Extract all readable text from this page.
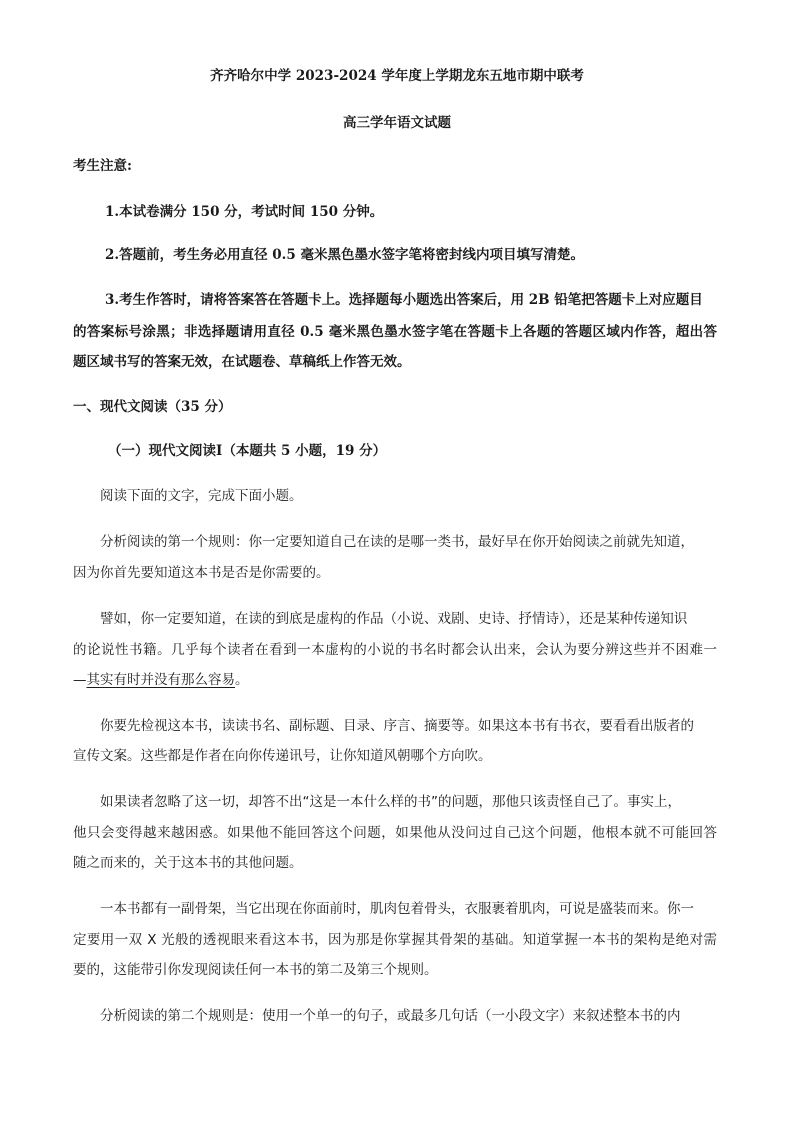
齐齐哈尔中学 2023-2024 学年度上学期龙东五地市期中联考
高三学年语文试题
考生注意:
1.本试卷满分 150 分，考试时间 150 分钟。
2.答题前，考生务必用直径 0.5 毫米黑色墨水签字笔将密封线内项目填写清楚。
3.考生作答时，请将答案答在答题卡上。选择题每小题选出答案后，用 2B 铅笔把答题卡上对应题目
的答案标号涂黑；非选择题请用直径 0.5 毫米黑色墨水签字笔在答题卡上各题的答题区域内作答，超出答
题区域书写的答案无效，在试题卷、草稿纸上作答无效。
一、现代文阅读（35 分）
（一）现代文阅读Ⅰ（本题共 5 小题，19 分）
阅读下面的文字，完成下面小题。
分析阅读的第一个规则：你一定要知道自己在读的是哪一类书，最好早在你开始阅读之前就先知道，
因为你首先要知道这本书是否是你需要的。
譬如，你一定要知道，在读的到底是虚构的作品（小说、戏剧、史诗、抒情诗），还是某种传递知识
的论说性书籍。几乎每个读者在看到一本虚构的小说的书名时都会认出来，会认为要分辨这些并不困难一
—其实有时并没有那么容易。
你要先检视这本书，读读书名、副标题、目录、序言、摘要等。如果这本书有书衣，要看看出版者的
宣传文案。这些都是作者在向你传递讯号，让你知道风朝哪个方向吹。
如果读者忽略了这一切，却答不出“这是一本什么样的书”的问题，那他只该责怪自己了。事实上，
他只会变得越来越困惑。如果他不能回答这个问题，如果他从没问过自己这个问题，他根本就不可能回答
随之而来的，关于这本书的其他问题。
一本书都有一副骨架，当它出现在你面前时，肌肉包着骨头，衣服裹着肌肉，可说是盛装而来。你一
定要用一双 X 光般的透视眼来看这本书，因为那是你掌握其骨架的基础。知道掌握一本书的架构是绝对需
要的，这能带引你发现阅读任何一本书的第二及第三个规则。
分析阅读的第二个规则是：使用一个单一的句子，或最多几句话（一小段文字）来叙述整本书的内
